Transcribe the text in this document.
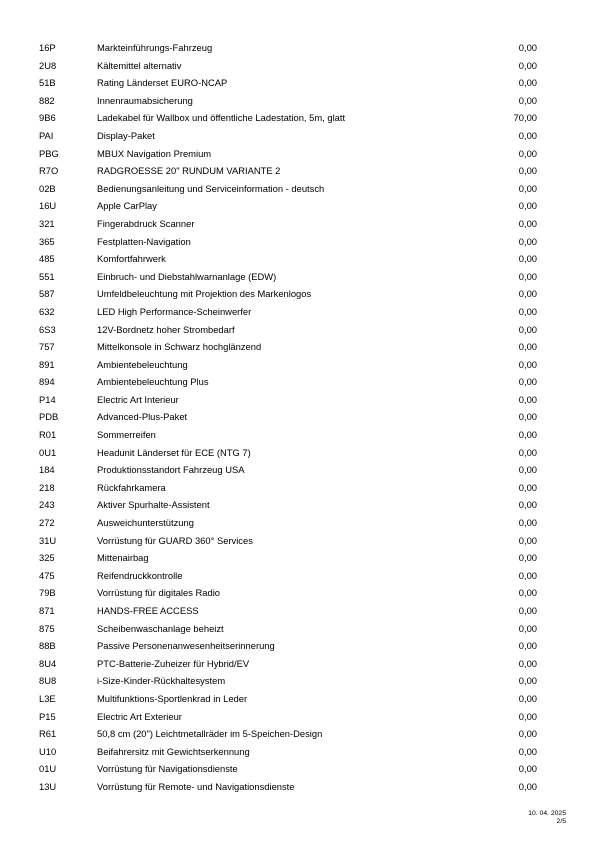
16P	Markteinführungs-Fahrzeug	0,00
2U8	Kältemittel alternativ	0,00
51B	Rating Länderset EURO-NCAP	0,00
882	Innenraumabsicherung	0,00
9B6	Ladekabel für Wallbox und öffentliche Ladestation, 5m, glatt	70,00
PAI	Display-Paket	0,00
PBG	MBUX Navigation Premium	0,00
R7O	RADGROESSE 20" RUNDUM VARIANTE 2	0,00
02B	Bedienungsanleitung und Serviceinformation - deutsch	0,00
16U	Apple CarPlay	0,00
321	Fingerabdruck Scanner	0,00
365	Festplatten-Navigation	0,00
485	Komfortfahrwerk	0,00
551	Einbruch- und Diebstahlwarnanlage (EDW)	0,00
587	Umfeldbeleuchtung mit Projektion des Markenlogos	0,00
632	LED High Performance-Scheinwerfer	0,00
6S3	12V-Bordnetz hoher Strombedarf	0,00
757	Mittelkonsole in Schwarz hochglänzend	0,00
891	Ambientebeleuchtung	0,00
894	Ambientebeleuchtung Plus	0,00
P14	Electric Art Interieur	0,00
PDB	Advanced-Plus-Paket	0,00
R01	Sommerreifen	0,00
0U1	Headunit Länderset für ECE (NTG 7)	0,00
184	Produktionsstandort Fahrzeug USA	0,00
218	Rückfahrkamera	0,00
243	Aktiver Spurhalte-Assistent	0,00
272	Ausweichunterstützung	0,00
31U	Vorrüstung für GUARD 360° Services	0,00
325	Mittenairbag	0,00
475	Reifendruckkontrolle	0,00
79B	Vorrüstung für digitales Radio	0,00
871	HANDS-FREE ACCESS	0,00
875	Scheibenwaschanlage beheizt	0,00
88B	Passive Personenanwesenheitserinnerung	0,00
8U4	PTC-Batterie-Zuheizer für Hybrid/EV	0,00
8U8	i-Size-Kinder-Rückhaltesystem	0,00
L3E	Multifunktions-Sportlenkrad in Leder	0,00
P15	Electric Art Exterieur	0,00
R61	50,8 cm (20") Leichtmetallräder im 5-Speichen-Design	0,00
U10	Beifahrersitz mit Gewichtserkennung	0,00
01U	Vorrüstung für Navigationsdienste	0,00
13U	Vorrüstung für Remote- und Navigationsdienste	0,00
10. 04. 2025
2/5
